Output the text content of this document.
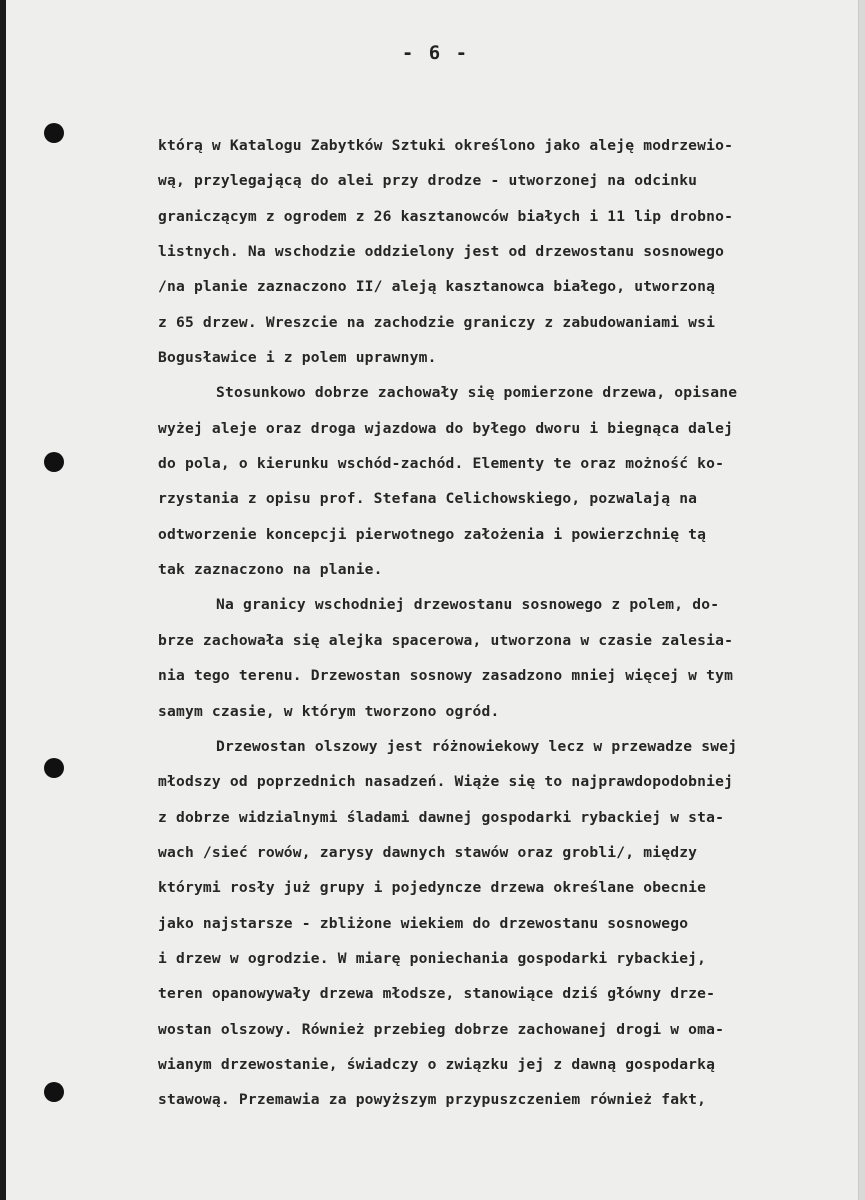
- 6 -
którą w Katalogu Zabytków Sztuki określono jako aleję modrzewio-
wą, przylegającą do alei przy drodze - utworzonej na odcinku
graniczącym z ogrodem z 26 kasztanowców białych i 11 lip drobno-
listnych. Na wschodzie oddzielony jest od drzewostanu sosnowego
/na planie zaznaczono II/ aleją kasztanowca białego, utworzoną
z 65 drzew. Wreszcie na zachodzie graniczy z zabudowaniami wsi
Bogusławice i z polem uprawnym.
Stosunkowo dobrze zachowały się pomierzone drzewa, opisane
wyżej aleje oraz droga wjazdowa do byłego dworu i biegnąca dalej
do pola, o kierunku wschód-zachód. Elementy te oraz możność ko-
rzystania z opisu prof. Stefana Celichowskiego, pozwalają na
odtworzenie koncepcji pierwotnego założenia i powierzchnię tą
tak zaznaczono na planie.
Na granicy wschodniej drzewostanu sosnowego z polem, do-
brze zachowała się alejka spacerowa, utworzona w czasie zalesia-
nia tego terenu. Drzewostan sosnowy zasadzono mniej więcej w tym
samym czasie, w którym tworzono ogród.
Drzewostan olszowy jest różnowiekowy lecz w przewadze swej
młodszy od poprzednich nasadzeń. Wiąże się to najprawdopodobniej
z dobrze widzialnymi śladami dawnej gospodarki rybackiej w sta-
wach /sieć rowów, zarysy dawnych stawów oraz grobli/, między
którymi rosły już grupy i pojedyncze drzewa określane obecnie
jako najstarsze - zbliżone wiekiem do drzewostanu sosnowego
i drzew w ogrodzie. W miarę poniechania gospodarki rybackiej,
teren opanowywały drzewa młodsze, stanowiące dziś główny drze-
wostan olszowy. Również przebieg dobrze zachowanej drogi w oma-
wianym drzewostanie, świadczy o związku jej z dawną gospodarką
stawową. Przemawia za powyższym przypuszczeniem również fakt,
